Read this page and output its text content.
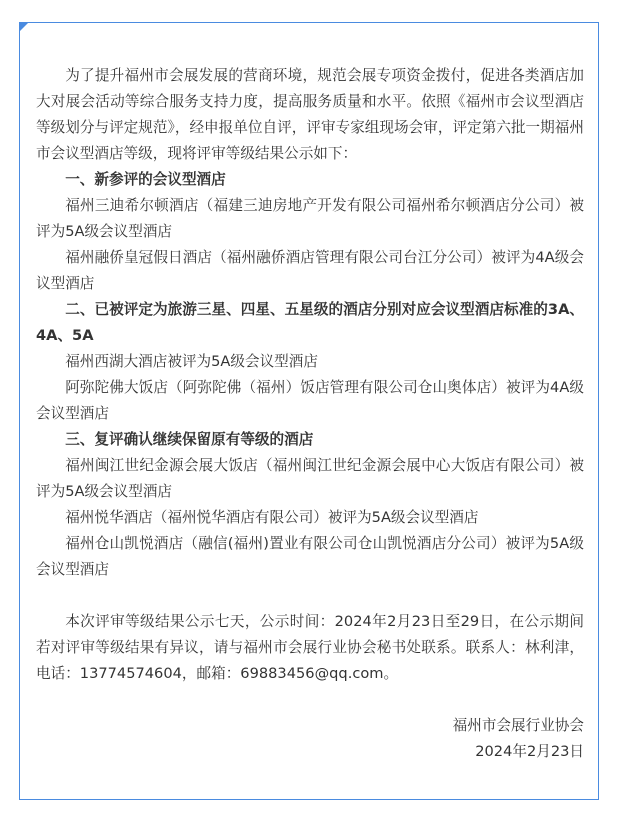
为了提升福州市会展发展的营商环境，规范会展专项资金拨付，促进各类酒店加大对展会活动等综合服务支持力度，提高服务质量和水平。依照《福州市会议型酒店等级划分与评定规范》，经申报单位自评，评审专家组现场会审，评定第六批一期福州市会议型酒店等级，现将评审等级结果公示如下：

一、新参评的会议型酒店

福州三迪希尔顿酒店（福建三迪房地产开发有限公司福州希尔顿酒店分公司）被评为5A级会议型酒店

福州融侨皇冠假日酒店（福州融侨酒店管理有限公司台江分公司）被评为4A级会议型酒店

二、已被评定为旅游三星、四星、五星级的酒店分别对应会议型酒店标准的3A、4A、5A

福州西湖大酒店被评为5A级会议型酒店

阿弥陀佛大饭店（阿弥陀佛（福州）饭店管理有限公司仓山奥体店）被评为4A级会议型酒店

三、复评确认继续保留原有等级的酒店

福州闽江世纪金源会展大饭店（福州闽江世纪金源会展中心大饭店有限公司）被评为5A级会议型酒店

福州悦华酒店（福州悦华酒店有限公司）被评为5A级会议型酒店

福州仓山凯悦酒店（融信(福州)置业有限公司仓山凯悦酒店分公司）被评为5A级会议型酒店

本次评审等级结果公示七天，公示时间：2024年2月23日至29日，在公示期间若对评审等级结果有异议，请与福州市会展行业协会秘书处联系。联系人：林利津，电话：13774574604，邮箱：69883456@qq.com。

福州市会展行业协会

2024年2月23日
